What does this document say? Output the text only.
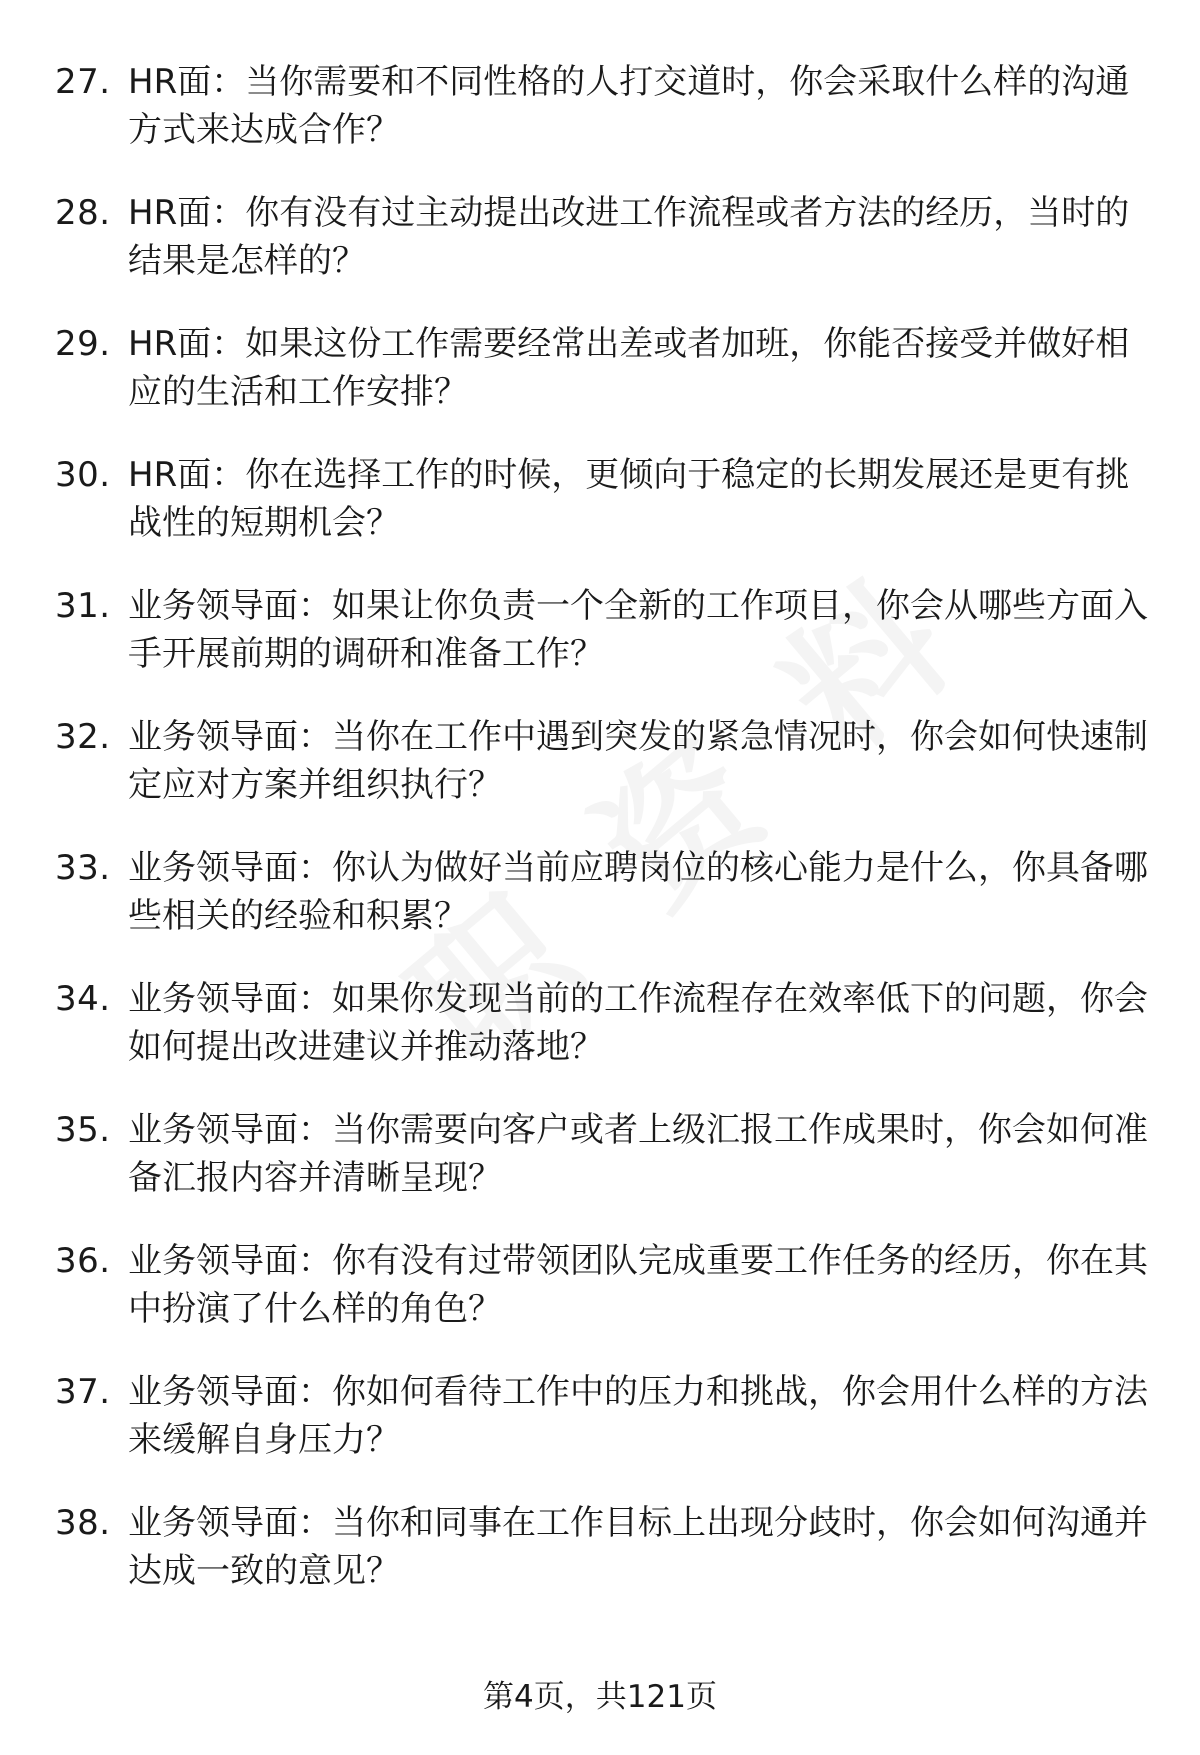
27. HR面：当你需要和不同性格的人打交道时，你会采取什么样的沟通方式来达成合作？

28. HR面：你有没有过主动提出改进工作流程或者方法的经历，当时的结果是怎样的？

29. HR面：如果这份工作需要经常出差或者加班，你能否接受并做好相应的生活和工作安排？

30. HR面：你在选择工作的时候，更倾向于稳定的长期发展还是更有挑战性的短期机会？

31. 业务领导面：如果让你负责一个全新的工作项目，你会从哪些方面入手开展前期的调研和准备工作？

32. 业务领导面：当你在工作中遇到突发的紧急情况时，你会如何快速制定应对方案并组织执行？

33. 业务领导面：你认为做好当前应聘岗位的核心能力是什么，你具备哪些相关的经验和积累？

34. 业务领导面：如果你发现当前的工作流程存在效率低下的问题，你会如何提出改进建议并推动落地？

35. 业务领导面：当你需要向客户或者上级汇报工作成果时，你会如何准备汇报内容并清晰呈现？

36. 业务领导面：你有没有过带领团队完成重要工作任务的经历，你在其中扮演了什么样的角色？

37. 业务领导面：你如何看待工作中的压力和挑战，你会用什么样的方法来缓解自身压力？

38. 业务领导面：当你和同事在工作目标上出现分歧时，你会如何沟通并达成一致的意见？

第4页，共121页
